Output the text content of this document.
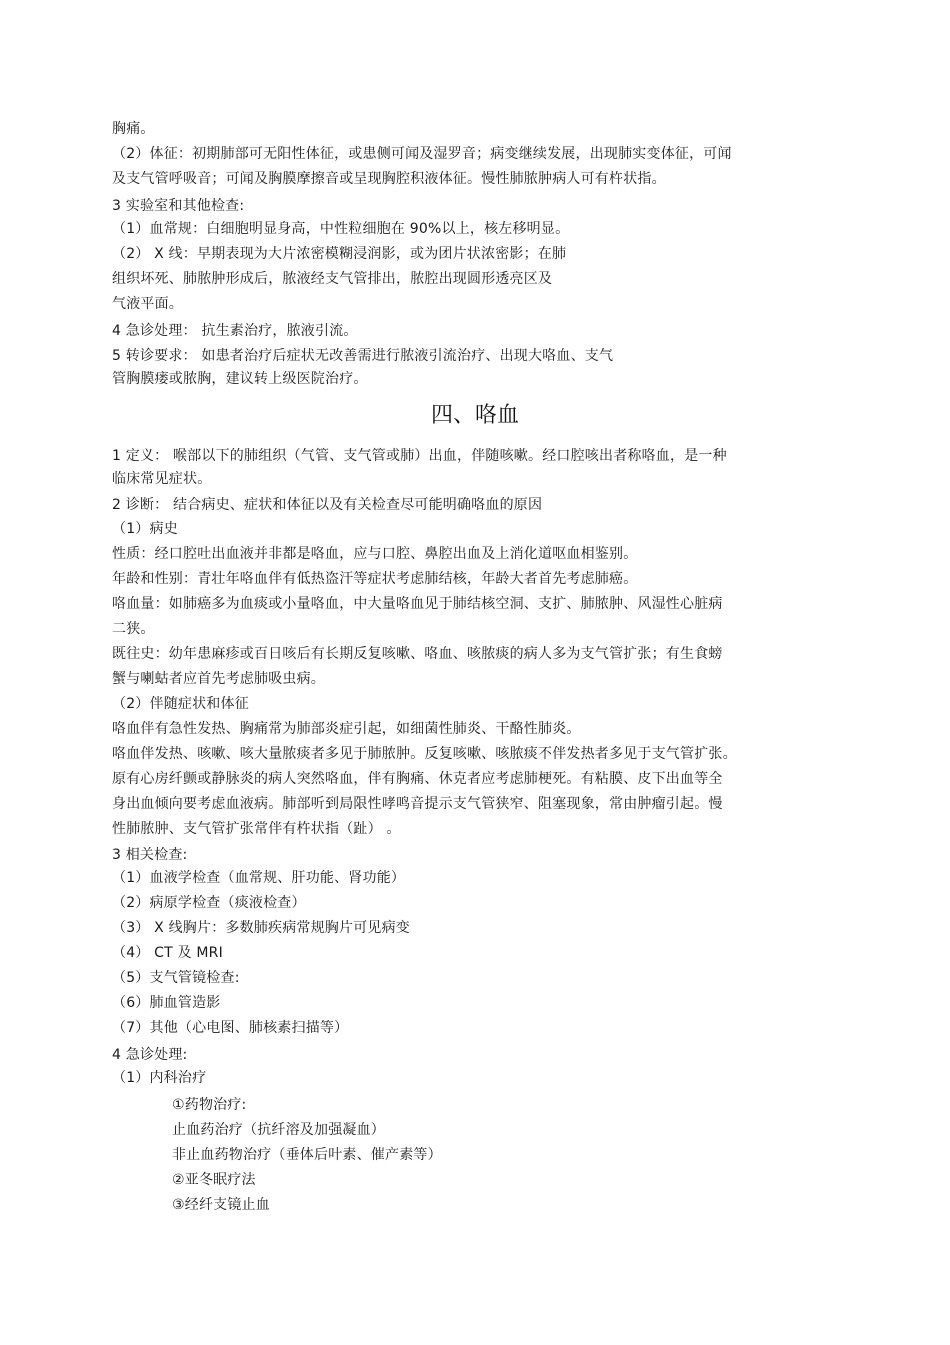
胸痛。
（2）体征：初期肺部可无阳性体征，或患侧可闻及湿罗音；病变继续发展，出现肺实变体征，可闻
及支气管呼吸音；可闻及胸膜摩擦音或呈现胸腔积液体征。慢性肺脓肿病人可有杵状指。
3 实验室和其他检查:
（1）血常规：白细胞明显身高，中性粒细胞在 90%以上，核左移明显。
（2） X 线：早期表现为大片浓密模糊浸润影，或为团片状浓密影；在肺
组织坏死、肺脓肿形成后，脓液经支气管排出，脓腔出现圆形透亮区及
气液平面。
4 急诊处理： 抗生素治疗，脓液引流。
5 转诊要求： 如患者治疗后症状无改善需进行脓液引流治疗、出现大咯血、支气
管胸膜瘘或脓胸，建议转上级医院治疗。
四、咯血
1 定义： 喉部以下的肺组织（气管、支气管或肺）出血，伴随咳嗽。经口腔咳出者称咯血，是一种
临床常见症状。
2 诊断： 结合病史、症状和体征以及有关检查尽可能明确咯血的原因
（1）病史
性质：经口腔吐出血液并非都是咯血，应与口腔、鼻腔出血及上消化道呕血相鉴别。
年龄和性别：青壮年咯血伴有低热盗汗等症状考虑肺结核，年龄大者首先考虑肺癌。
咯血量：如肺癌多为血痰或小量咯血，中大量咯血见于肺结核空洞、支扩、肺脓肿、风湿性心脏病
二狭。
既往史：幼年患麻疹或百日咳后有长期反复咳嗽、咯血、咳脓痰的病人多为支气管扩张；有生食螃
蟹与喇蛄者应首先考虑肺吸虫病。
（2）伴随症状和体征
咯血伴有急性发热、胸痛常为肺部炎症引起，如细菌性肺炎、干酪性肺炎。
咯血伴发热、咳嗽、咳大量脓痰者多见于肺脓肿。反复咳嗽、咳脓痰不伴发热者多见于支气管扩张。
原有心房纤颤或静脉炎的病人突然咯血，伴有胸痛、休克者应考虑肺梗死。有粘膜、皮下出血等全
身出血倾向要考虑血液病。肺部听到局限性哮鸣音提示支气管狭窄、阻塞现象，常由肿瘤引起。慢
性肺脓肿、支气管扩张常伴有杵状指（趾） 。
3 相关检查:
（1）血液学检查（血常规、肝功能、肾功能）
（2）病原学检查（痰液检查）
（3） X 线胸片：多数肺疾病常规胸片可见病变
（4） CT 及 MRI
（5）支气管镜检查:
（6）肺血管造影
（7）其他（心电图、肺核素扫描等）
4 急诊处理:
（1）内科治疗
①药物治疗:
止血药治疗（抗纤溶及加强凝血）
非止血药物治疗（垂体后叶素、催产素等）
②亚冬眠疗法
③经纤支镜止血
